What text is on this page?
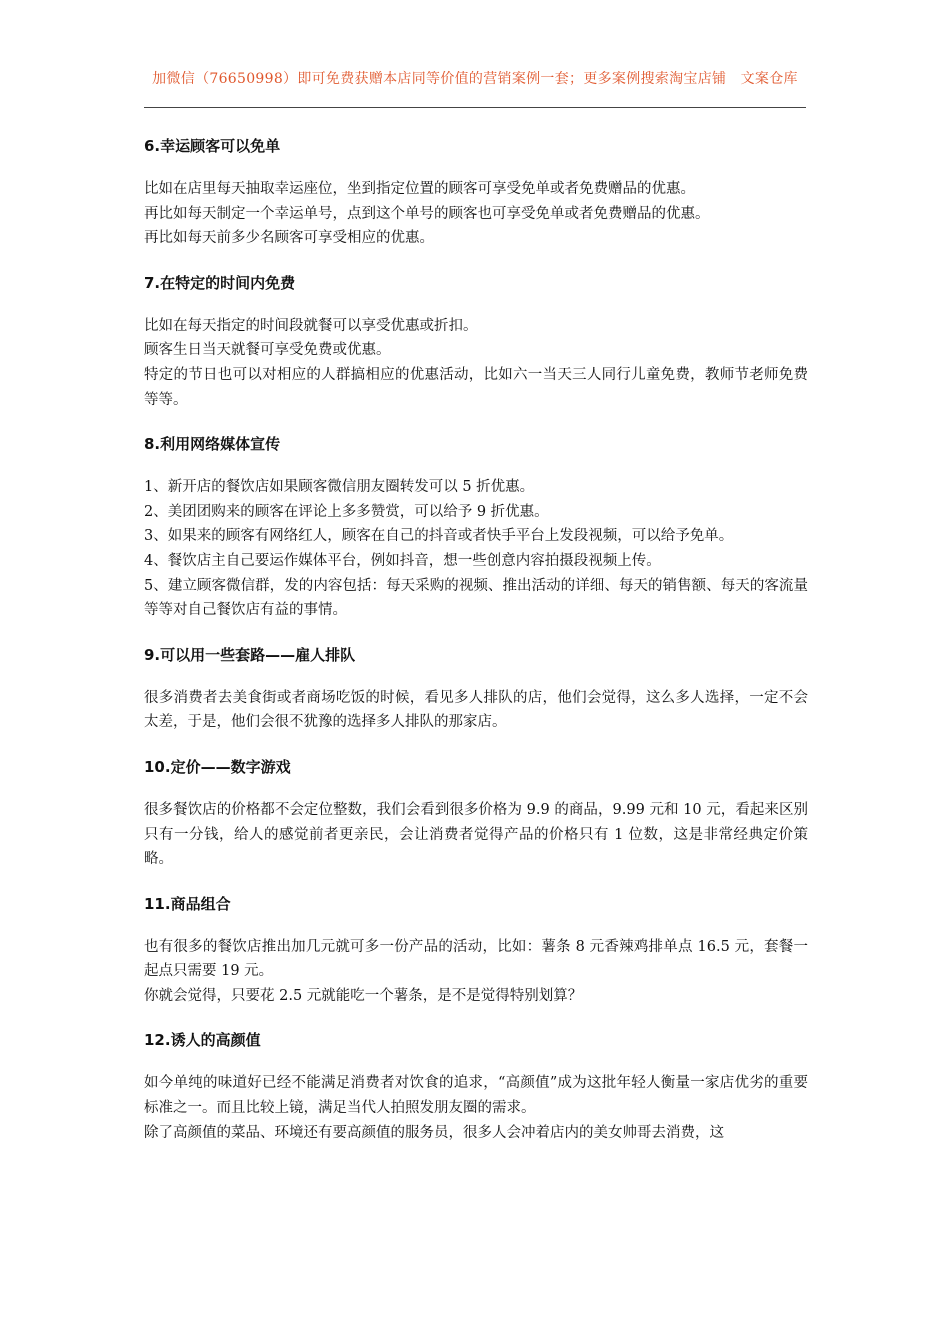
加微信（76650998）即可免费获赠本店同等价值的营销案例一套；更多案例搜索淘宝店铺　文案仓库
6.幸运顾客可以免单

比如在店里每天抽取幸运座位，坐到指定位置的顾客可享受免单或者免费赠品的优惠。

再比如每天制定一个幸运单号，点到这个单号的顾客也可享受免单或者免费赠品的优惠。

再比如每天前多少名顾客可享受相应的优惠。

7.在特定的时间内免费

比如在每天指定的时间段就餐可以享受优惠或折扣。

顾客生日当天就餐可享受免费或优惠。

特定的节日也可以对相应的人群搞相应的优惠活动，比如六一当天三人同行儿童免费，教师节老师免费等等。

8.利用网络媒体宣传

1、新开店的餐饮店如果顾客微信朋友圈转发可以 5 折优惠。

2、美团团购来的顾客在评论上多多赞赏，可以给予 9 折优惠。

3、如果来的顾客有网络红人，顾客在自己的抖音或者快手平台上发段视频，可以给予免单。

4、餐饮店主自己要运作媒体平台，例如抖音，想一些创意内容拍摄段视频上传。

5、建立顾客微信群，发的内容包括：每天采购的视频、推出活动的详细、每天的销售额、每天的客流量等等对自己餐饮店有益的事情。

9.可以用一些套路——雇人排队

很多消费者去美食街或者商场吃饭的时候，看见多人排队的店，他们会觉得，这么多人选择，一定不会太差，于是，他们会很不犹豫的选择多人排队的那家店。

10.定价——数字游戏

很多餐饮店的价格都不会定位整数，我们会看到很多价格为 9.9 的商品，9.99 元和 10 元，看起来区别只有一分钱，给人的感觉前者更亲民，会让消费者觉得产品的价格只有 1 位数，这是非常经典定价策略。

11.商品组合

也有很多的餐饮店推出加几元就可多一份产品的活动，比如：薯条 8 元香辣鸡排单点 16.5 元，套餐一起点只需要 19 元。

你就会觉得，只要花 2.5 元就能吃一个薯条，是不是觉得特别划算？

12.诱人的高颜值

如今单纯的味道好已经不能满足消费者对饮食的追求，“高颜值”成为这批年轻人衡量一家店优劣的重要标准之一。而且比较上镜，满足当代人拍照发朋友圈的需求。

除了高颜值的菜品、环境还有要高颜值的服务员，很多人会冲着店内的美女帅哥去消费，这
